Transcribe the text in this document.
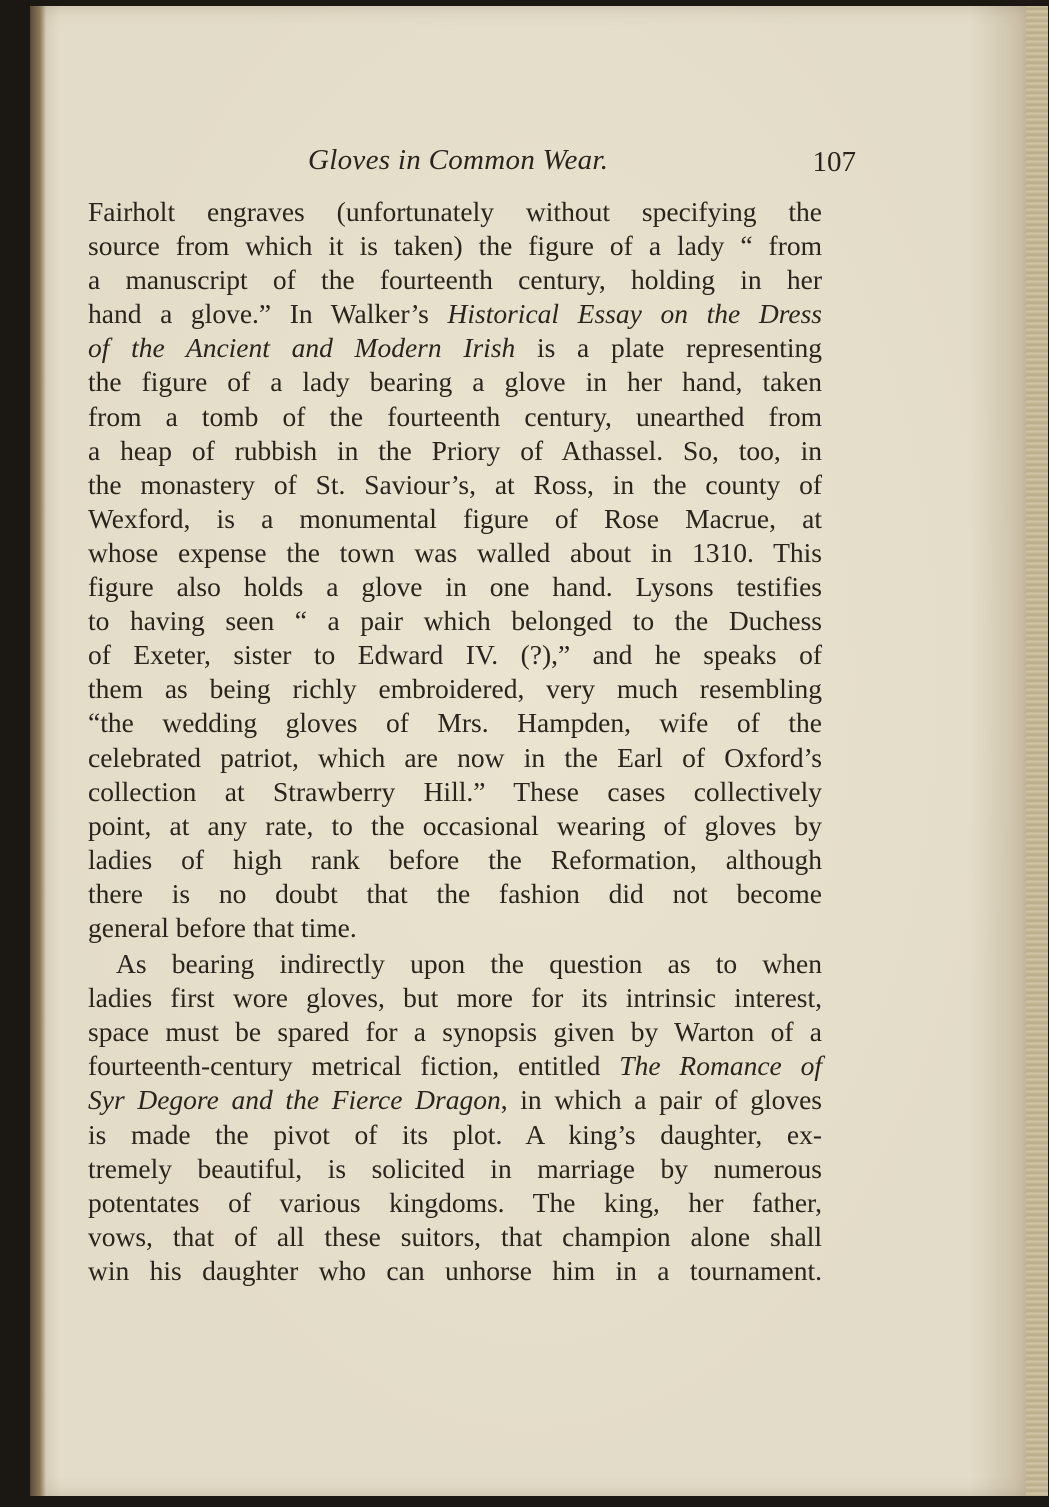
Gloves in Common Wear.	107
Fairholt engraves (unfortunately without specifying the
source from which it is taken) the figure of a lady “ from
a manuscript of the fourteenth century, holding in her
hand a glove.” In Walker’s Historical Essay on the Dress
of the Ancient and Modern Irish is a plate representing
the figure of a lady bearing a glove in her hand, taken
from a tomb of the fourteenth century, unearthed from
a heap of rubbish in the Priory of Athassel. So, too, in
the monastery of St. Saviour’s, at Ross, in the county of
Wexford, is a monumental figure of Rose Macrue, at
whose expense the town was walled about in 1310. This
figure also holds a glove in one hand. Lysons testifies
to having seen “ a pair which belonged to the Duchess
of Exeter, sister to Edward IV. (?),” and he speaks of
them as being richly embroidered, very much resembling
“the wedding gloves of Mrs. Hampden, wife of the
celebrated patriot, which are now in the Earl of Oxford’s
collection at Strawberry Hill.” These cases collectively
point, at any rate, to the occasional wearing of gloves by
ladies of high rank before the Reformation, although
there is no doubt that the fashion did not become
general before that time.
As bearing indirectly upon the question as to when
ladies first wore gloves, but more for its intrinsic interest,
space must be spared for a synopsis given by Warton of a
fourteenth-century metrical fiction, entitled The Romance of
Syr Degore and the Fierce Dragon, in which a pair of gloves
is made the pivot of its plot. A king’s daughter, ex-
tremely beautiful, is solicited in marriage by numerous
potentates of various kingdoms. The king, her father,
vows, that of all these suitors, that champion alone shall
win his daughter who can unhorse him in a tournament.
